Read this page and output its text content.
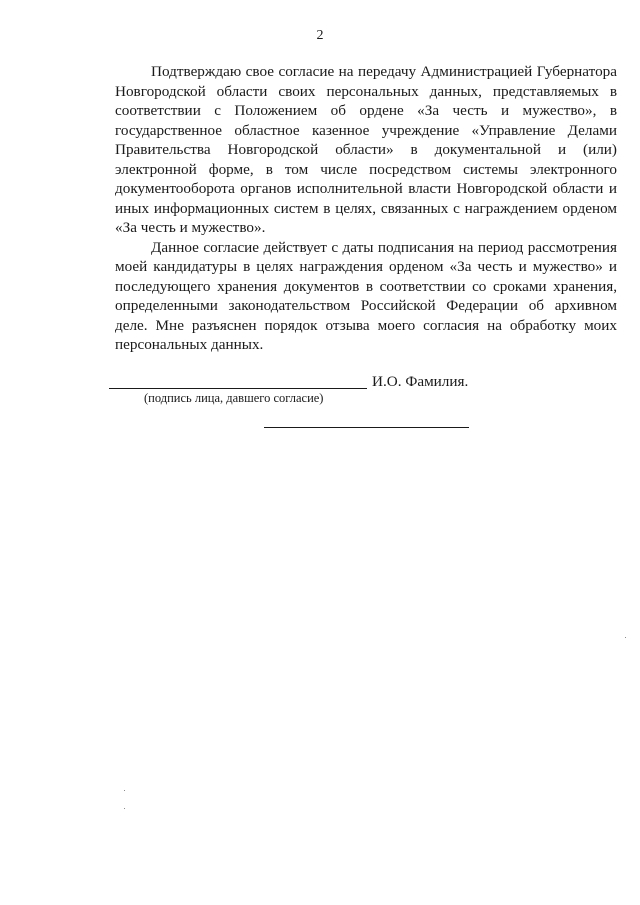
2

Подтверждаю свое согласие на передачу Администрацией Губернатора Новгородской области своих персональных данных, представляемых в соответствии с Положением об ордене «За честь и мужество», в государственное областное казенное учреждение «Управление Делами Правительства Новгородской области» в документальной и (или) электронной форме, в том числе посредством системы электронного документооборота органов исполнительной власти Новгородской области и иных информационных систем в целях, связанных с награждением орденом «За честь и мужество».

Данное согласие действует с даты подписания на период рассмотрения моей кандидатуры в целях награждения орденом «За честь и мужество» и последующего хранения документов в соответствии со сроками хранения, определенными законодательством Российской Федерации об архивном деле. Мне разъяснен порядок отзыва моего согласия на обработку моих персональных данных.

И.О. Фамилия.
(подпись лица, давшего согласие)
